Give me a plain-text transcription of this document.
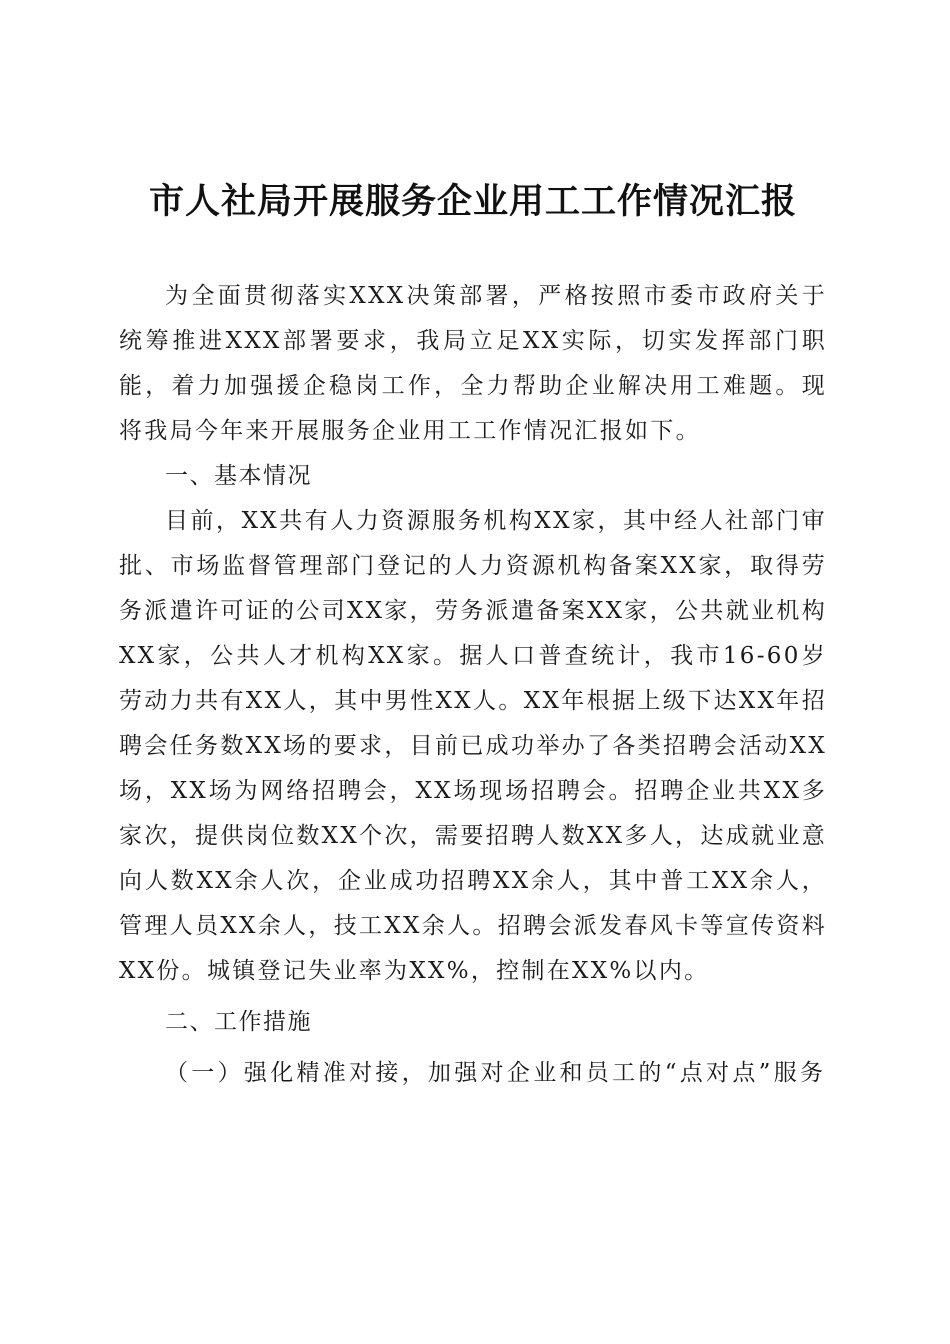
市人社局开展服务企业用工工作情况汇报

为全面贯彻落实XXX决策部署，严格按照市委市政府关于统筹推进XXX部署要求，我局立足XX实际，切实发挥部门职能，着力加强援企稳岗工作，全力帮助企业解决用工难题。现将我局今年来开展服务企业用工工作情况汇报如下。

一、基本情况

目前，XX共有人力资源服务机构XX家，其中经人社部门审批、市场监督管理部门登记的人力资源机构备案XX家，取得劳务派遣许可证的公司XX家，劳务派遣备案XX家，公共就业机构XX家，公共人才机构XX家。据人口普查统计，我市16-60岁劳动力共有XX人，其中男性XX人。XX年根据上级下达XX年招聘会任务数XX场的要求，目前已成功举办了各类招聘会活动XX场，XX场为网络招聘会，XX场现场招聘会。招聘企业共XX多家次，提供岗位数XX个次，需要招聘人数XX多人，达成就业意向人数XX余人次，企业成功招聘XX余人，其中普工XX余人，管理人员XX余人，技工XX余人。招聘会派发春风卡等宣传资料XX份。城镇登记失业率为XX%，控制在XX%以内。

二、工作措施
（一）强化精准对接，加强对企业和员工的“点对点”服务
